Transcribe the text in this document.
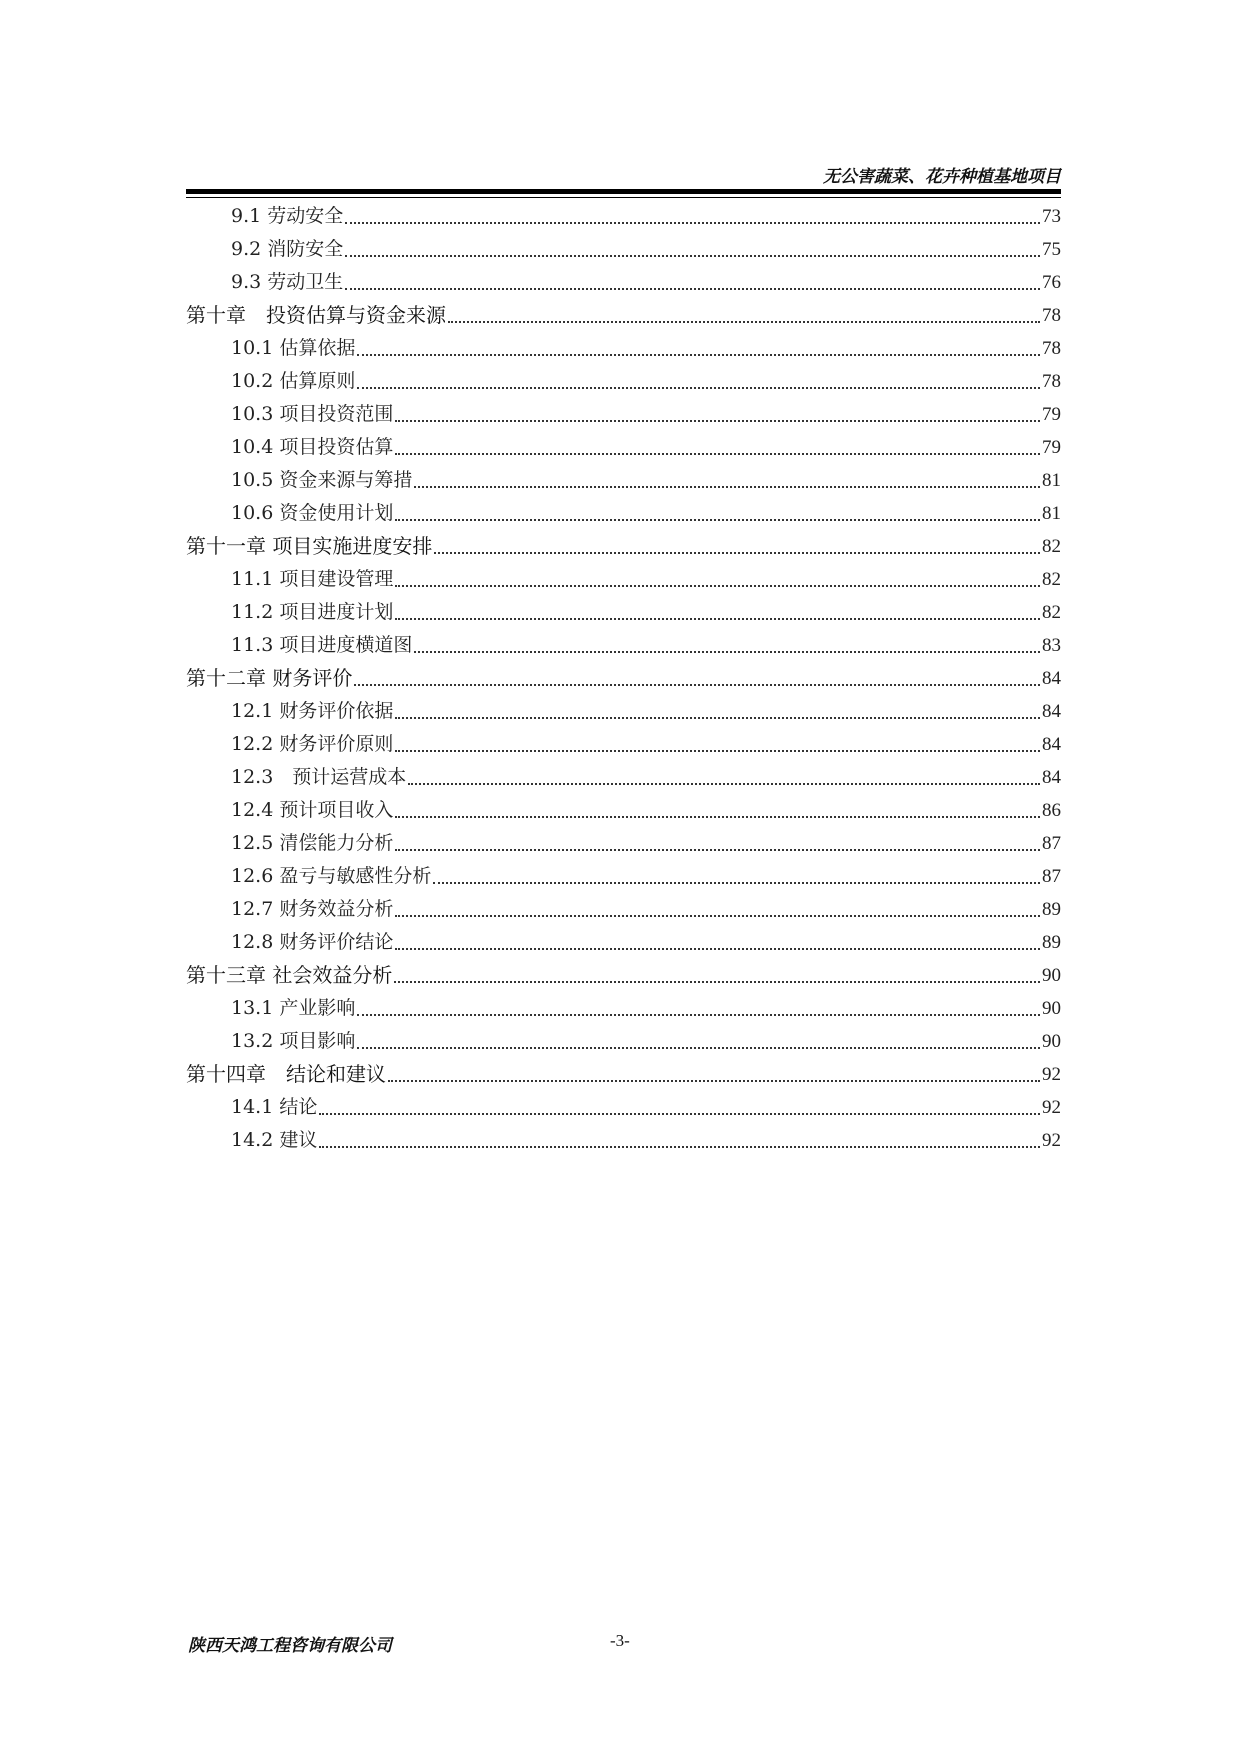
无公害蔬菜、花卉种植基地项目
9.1 劳动安全	73
9.2 消防安全	75
9.3 劳动卫生	76
第十章　投资估算与资金来源	78
10.1 估算依据	78
10.2 估算原则	78
10.3 项目投资范围	79
10.4 项目投资估算	79
10.5 资金来源与筹措	81
10.6 资金使用计划	81
第十一章 项目实施进度安排	82
11.1 项目建设管理	82
11.2 项目进度计划	82
11.3 项目进度横道图	83
第十二章 财务评价	84
12.1 财务评价依据	84
12.2 财务评价原则	84
12.3　预计运营成本	84
12.4 预计项目收入	86
12.5 清偿能力分析	87
12.6 盈亏与敏感性分析	87
12.7 财务效益分析	89
12.8 财务评价结论	89
第十三章 社会效益分析	90
13.1 产业影响	90
13.2 项目影响	90
第十四章　结论和建议	92
14.1 结论	92
14.2 建议	92
陕西天鸿工程咨询有限公司	-3-
